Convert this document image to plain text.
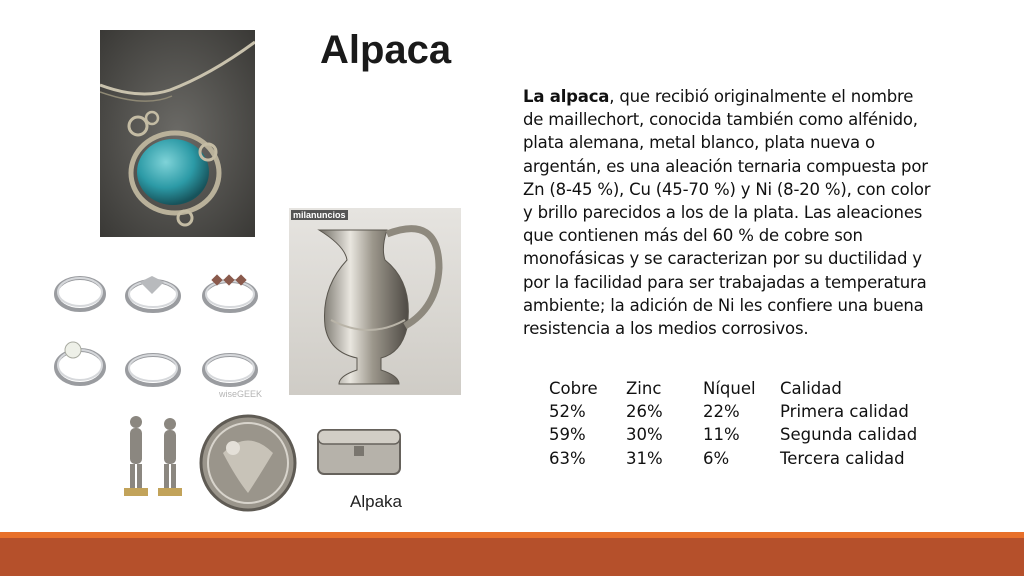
Alpaca
La alpaca, que recibió originalmente el nombre de maillechort, conocida también como alfénido, plata alemana, metal blanco, plata nueva o argentán, es una aleación ternaria compuesta por Zn (8-45 %), Cu (45-70 %) y Ni (8-20 %), con color y brillo parecidos a los de la plata. Las aleaciones que contienen más del 60 % de cobre son monofásicas y se caracterizan por su ductilidad y por la facilidad para ser trabajadas a temperatura ambiente; la adición de Ni les confiere una buena resistencia a los medios corrosivos.
Cobre	Zinc	Níquel	Calidad
52%	26%	22%	Primera calidad
59%	30%	11%	Segunda calidad
63%	31%	6%	Tercera calidad
wiseGEEK
milanuncios
Alpaka
